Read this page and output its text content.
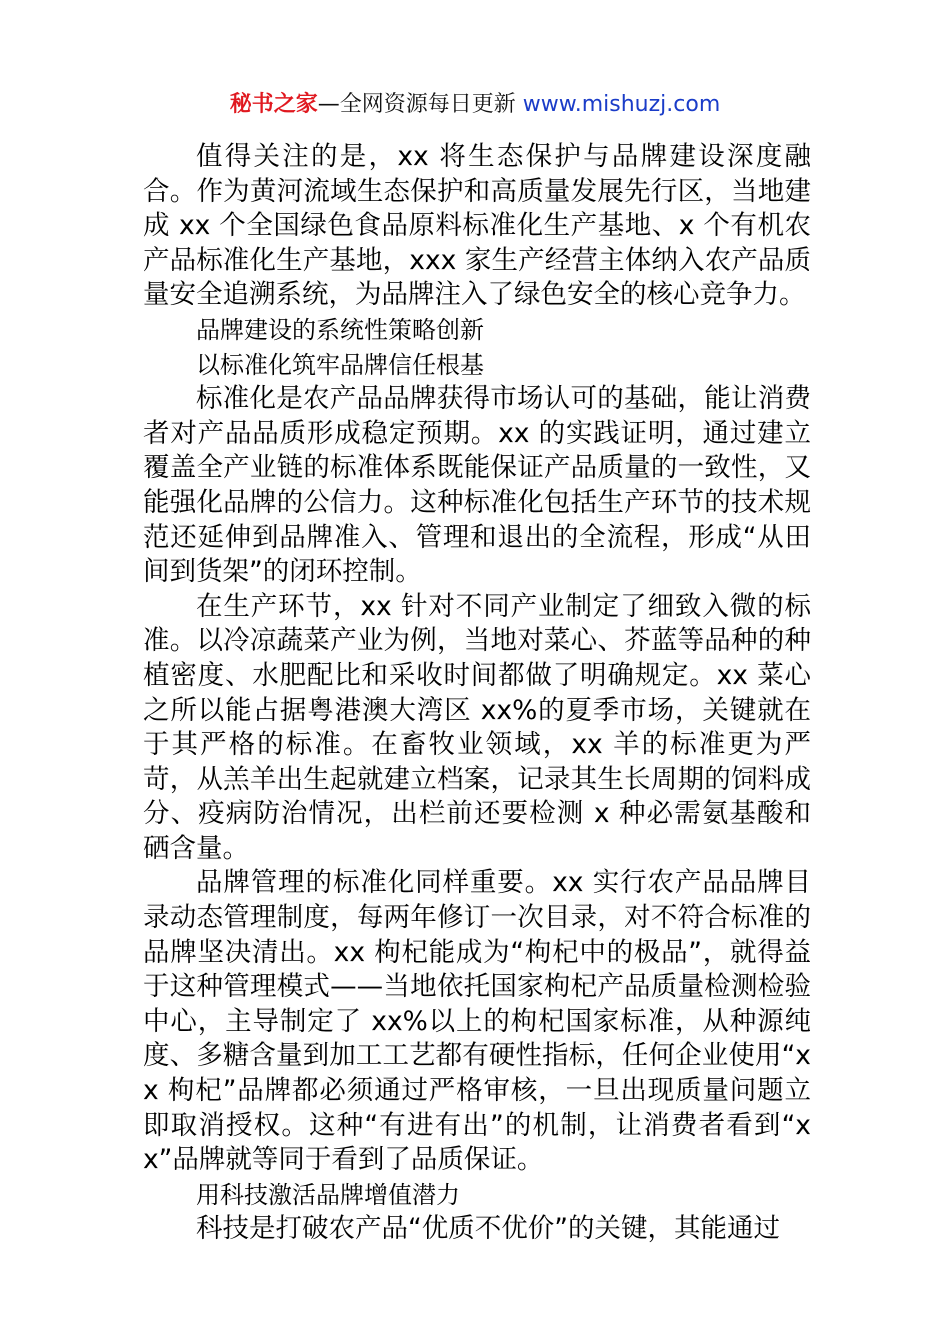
秘书之家—全网资源每日更新 www.mishuzj.com

值得关注的是，xx 将生态保护与品牌建设深度融合。作为黄河流域生态保护和高质量发展先行区，当地建成 xx 个全国绿色食品原料标准化生产基地、x 个有机农产品标准化生产基地，xxx 家生产经营主体纳入农产品质量安全追溯系统，为品牌注入了绿色安全的核心竞争力。

品牌建设的系统性策略创新

以标准化筑牢品牌信任根基

标准化是农产品品牌获得市场认可的基础，能让消费者对产品品质形成稳定预期。xx 的实践证明，通过建立覆盖全产业链的标准体系既能保证产品质量的一致性，又能强化品牌的公信力。这种标准化包括生产环节的技术规范还延伸到品牌准入、管理和退出的全流程，形成“从田间到货架”的闭环控制。

在生产环节，xx 针对不同产业制定了细致入微的标准。以冷凉蔬菜产业为例，当地对菜心、芥蓝等品种的种植密度、水肥配比和采收时间都做了明确规定。xx 菜心之所以能占据粤港澳大湾区 xx%的夏季市场，关键就在于其严格的标准。在畜牧业领域，xx 羊的标准更为严苛，从羔羊出生起就建立档案，记录其生长周期的饲料成分、疫病防治情况，出栏前还要检测 x 种必需氨基酸和硒含量。

品牌管理的标准化同样重要。xx 实行农产品品牌目录动态管理制度，每两年修订一次目录，对不符合标准的品牌坚决清出。xx 枸杞能成为“枸杞中的极品”，就得益于这种管理模式——当地依托国家枸杞产品质量检测检验中心，主导制定了 xx%以上的枸杞国家标准，从种源纯度、多糖含量到加工工艺都有硬性指标，任何企业使用“xx 枸杞”品牌都必须通过严格审核，一旦出现质量问题立即取消授权。这种“有进有出”的机制，让消费者看到“xx”品牌就等同于看到了品质保证。

用科技激活品牌增值潜力

科技是打破农产品“优质不优价”的关键，其能通过
